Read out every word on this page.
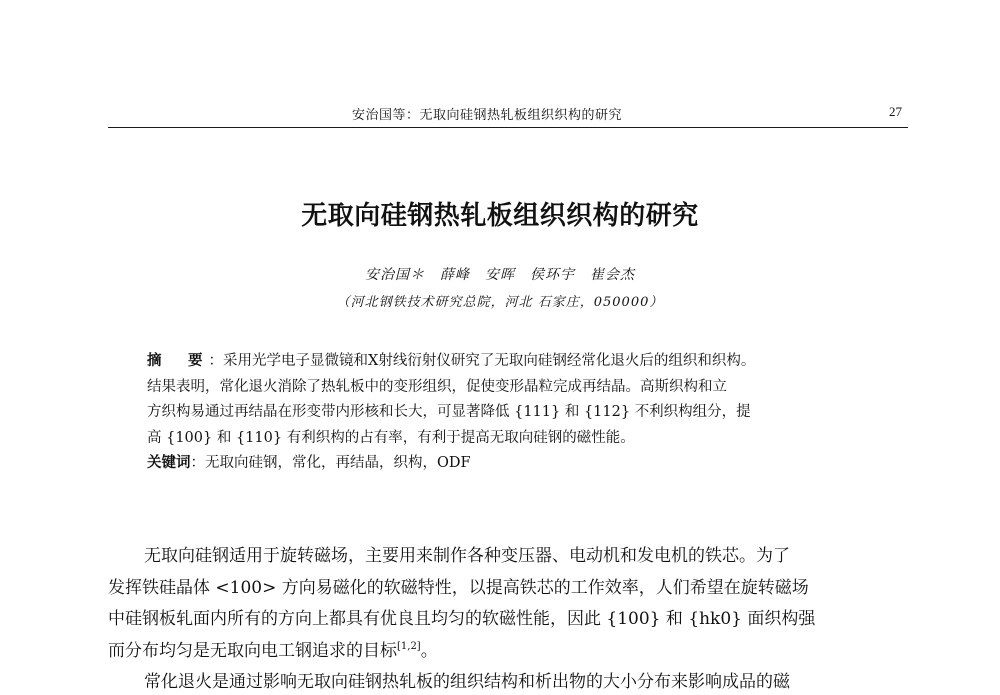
安治国等：无取向硅钢热轧板组织织构的研究	27
无取向硅钢热轧板组织织构的研究
安治国＊　薛峰　安晖　侯环宇　崔会杰
（河北钢铁技术研究总院，河北 石家庄，050000）
摘　要：采用光学电子显微镜和X射线衍射仪研究了无取向硅钢经常化退火后的组织和织构。
结果表明，常化退火消除了热轧板中的变形组织，促使变形晶粒完成再结晶。高斯织构和立
方织构易通过再结晶在形变带内形核和长大，可显著降低 {111} 和 {112} 不利织构组分，提
高 {100} 和 {110} 有利织构的占有率，有利于提高无取向硅钢的磁性能。
关键词：无取向硅钢，常化，再结晶，织构，ODF
无取向硅钢适用于旋转磁场，主要用来制作各种变压器、电动机和发电机的铁芯。为了
发挥铁硅晶体 <100> 方向易磁化的软磁特性，以提高铁芯的工作效率，人们希望在旋转磁场
中硅钢板轧面内所有的方向上都具有优良且均匀的软磁性能，因此 {100} 和 {hk0} 面织构强
而分布均匀是无取向电工钢追求的目标[1,2]。
常化退火是通过影响无取向硅钢热轧板的组织结构和析出物的大小分布来影响成品的磁
